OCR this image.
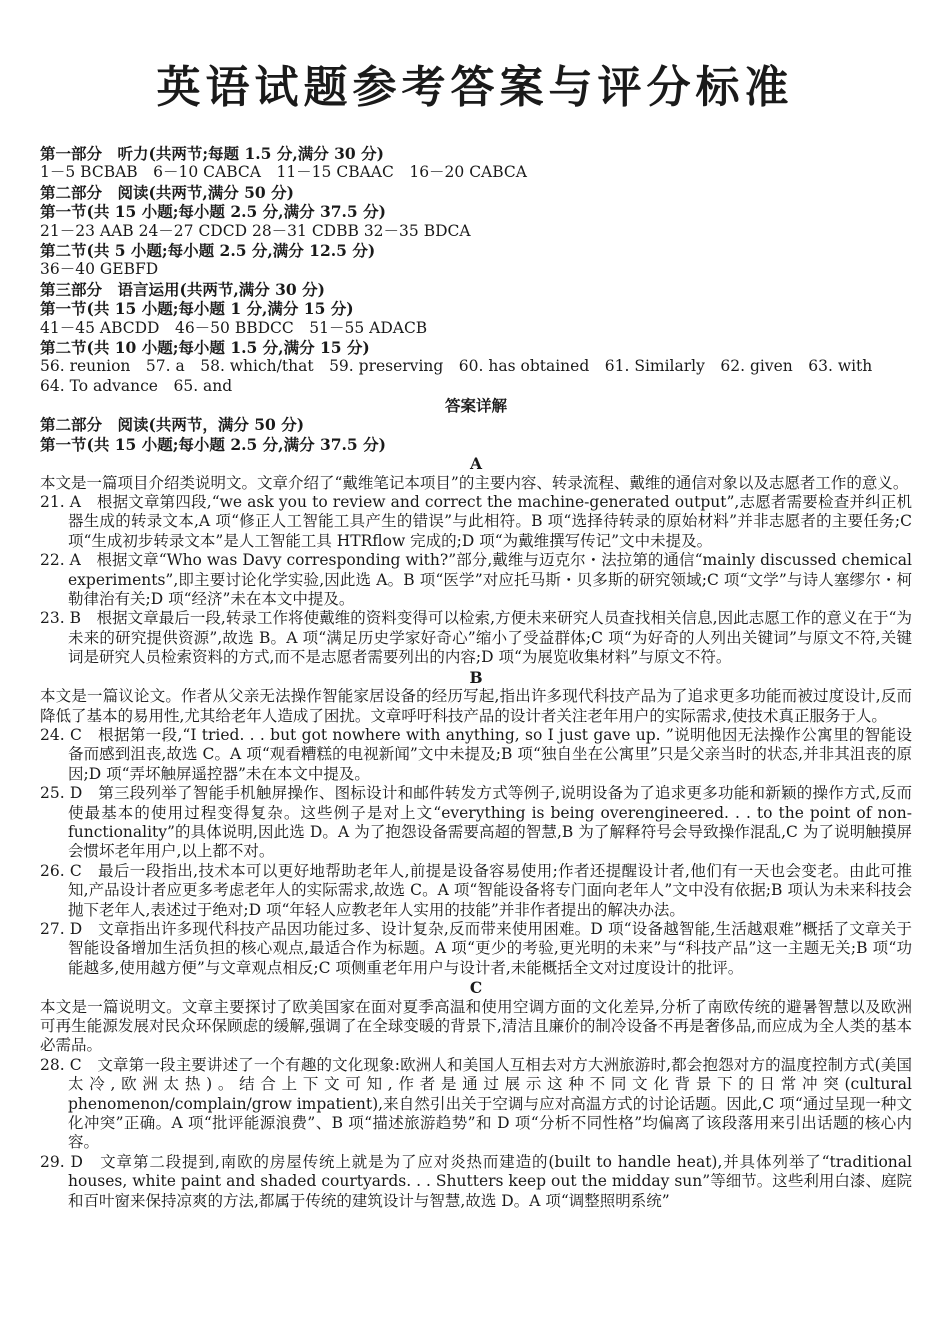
英语试题参考答案与评分标准
第一部分　听力(共两节;每题 1.5 分,满分 30 分)
1－5 BCBAB　6－10 CABCA　11－15 CBAAC　16－20 CABCA
第二部分　阅读(共两节,满分 50 分)
第一节(共 15 小题;每小题 2.5 分,满分 37.5 分)
21－23 AAB 24－27 CDCD 28－31 CDBB 32－35 BDCA
第二节(共 5 小题;每小题 2.5 分,满分 12.5 分)
36－40 GEBFD
第三部分　语言运用(共两节,满分 30 分)
第一节(共 15 小题;每小题 1 分,满分 15 分)
41－45 ABCDD　46－50 BBDCC　51－55 ADACB
第二节(共 10 小题;每小题 1.5 分,满分 15 分)
56. reunion　57. a　58. which/that　59. preserving　60. has obtained　61. Similarly　62. given　63. with
64. To advance　65. and
答案详解
第二部分　阅读(共两节，满分 50 分)
第一节(共 15 小题;每小题 2.5 分,满分 37.5 分)
A
本文是一篇项目介绍类说明文。文章介绍了“戴维笔记本项目”的主要内容、转录流程、戴维的通信对象以及志愿者工作的意义。
21. A　根据文章第四段,“we ask you to review and correct the machine-generated output”,志愿者需要检查并纠正机器生成的转录文本,A 项“修正人工智能工具产生的错误”与此相符。B 项“选择待转录的原始材料”并非志愿者的主要任务;C 项“生成初步转录文本”是人工智能工具 HTRflow 完成的;D 项“为戴维撰写传记”文中未提及。
22. A　根据文章“Who was Davy corresponding with?”部分,戴维与迈克尔・法拉第的通信“mainly discussed chemical experiments”,即主要讨论化学实验,因此选 A。B 项“医学”对应托马斯・贝多斯的研究领域;C 项“文学”与诗人塞缪尔・柯勒律治有关;D 项“经济”未在本文中提及。
23. B　根据文章最后一段,转录工作将使戴维的资料变得可以检索,方便未来研究人员查找相关信息,因此志愿工作的意义在于“为未来的研究提供资源”,故选 B。A 项“满足历史学家好奇心”缩小了受益群体;C 项“为好奇的人列出关键词”与原文不符,关键词是研究人员检索资料的方式,而不是志愿者需要列出的内容;D 项“为展览收集材料”与原文不符。
B
本文是一篇议论文。作者从父亲无法操作智能家居设备的经历写起,指出许多现代科技产品为了追求更多功能而被过度设计,反而降低了基本的易用性,尤其给老年人造成了困扰。文章呼吁科技产品的设计者关注老年用户的实际需求,使技术真正服务于人。
24. C　根据第一段,“I tried. . . but got nowhere with anything, so I just gave up. ”说明他因无法操作公寓里的智能设备而感到沮丧,故选 C。A 项“观看糟糕的电视新闻”文中未提及;B 项“独自坐在公寓里”只是父亲当时的状态,并非其沮丧的原因;D 项“弄坏触屏遥控器”未在本文中提及。
25. D　第三段列举了智能手机触屏操作、图标设计和邮件转发方式等例子,说明设备为了追求更多功能和新颖的操作方式,反而使最基本的使用过程变得复杂。这些例子是对上文“everything is being overengineered. . . to the point of non-functionality”的具体说明,因此选 D。A 为了抱怨设备需要高超的智慧,B 为了解释符号会导致操作混乱,C 为了说明触摸屏会惯坏老年用户,以上都不对。
26. C　最后一段指出,技术本可以更好地帮助老年人,前提是设备容易使用;作者还提醒设计者,他们有一天也会变老。由此可推知,产品设计者应更多考虑老年人的实际需求,故选 C。A 项“智能设备将专门面向老年人”文中没有依据;B 项认为未来科技会抛下老年人,表述过于绝对;D 项“年轻人应教老年人实用的技能”并非作者提出的解决办法。
27. D　文章指出许多现代科技产品因功能过多、设计复杂,反而带来使用困难。D 项“设备越智能,生活越艰难”概括了文章关于智能设备增加生活负担的核心观点,最适合作为标题。A 项“更少的考验,更光明的未来”与“科技产品”这一主题无关;B 项“功能越多,使用越方便”与文章观点相反;C 项侧重老年用户与设计者,未能概括全文对过度设计的批评。
C
本文是一篇说明文。文章主要探讨了欧美国家在面对夏季高温和使用空调方面的文化差异,分析了南欧传统的避暑智慧以及欧洲可再生能源发展对民众环保顾虑的缓解,强调了在全球变暖的背景下,清洁且廉价的制冷设备不再是奢侈品,而应成为全人类的基本必需品。
28. C　文章第一段主要讲述了一个有趣的文化现象:欧洲人和美国人互相去对方大洲旅游时,都会抱怨对方的温度控制方式(美国太冷,欧洲太热)。结合上下文可知,作者是通过展示这种不同文化背景下的日常冲突(cultural phenomenon/complain/grow impatient),来自然引出关于空调与应对高温方式的讨论话题。因此,C 项“通过呈现一种文化冲突”正确。A 项“批评能源浪费”、B 项“描述旅游趋势”和 D 项“分析不同性格”均偏离了该段落用来引出话题的核心内容。
29. D　文章第二段提到,南欧的房屋传统上就是为了应对炎热而建造的(built to handle heat),并具体列举了“traditional houses, white paint and shaded courtyards. . . Shutters keep out the midday sun”等细节。这些利用白漆、庭院和百叶窗来保持凉爽的方法,都属于传统的建筑设计与智慧,故选 D。A 项“调整照明系统”
